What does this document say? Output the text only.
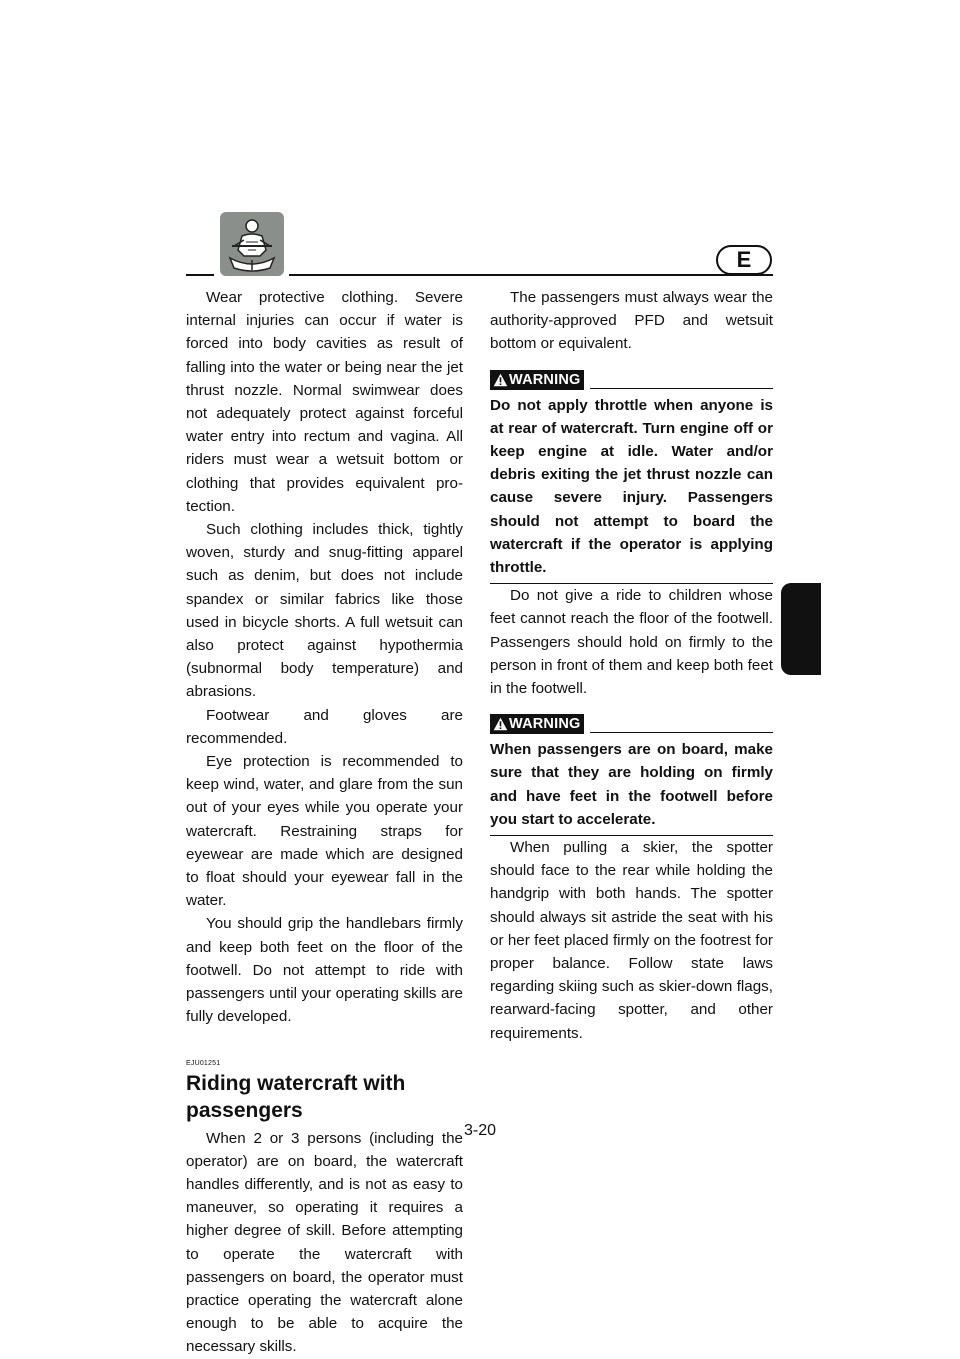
E

Wear protective clothing. Severe internal injuries can occur if water is forced into body cavities as result of falling into the water or being near the jet thrust nozzle. Normal swimwear does not adequately protect against forceful water entry into rectum and vagina. All riders must wear a wetsuit bottom or clothing that provides equivalent protection.

Such clothing includes thick, tightly woven, sturdy and snug-fitting apparel such as denim, but does not include spandex or similar fabrics like those used in bicycle shorts. A full wetsuit can also protect against hypothermia (subnormal body temperature) and abrasions.

Footwear and gloves are recommended.

Eye protection is recommended to keep wind, water, and glare from the sun out of your eyes while you operate your watercraft. Restraining straps for eyewear are made which are designed to float should your eyewear fall in the water.

You should grip the handlebars firmly and keep both feet on the floor of the footwell. Do not attempt to ride with passengers until your operating skills are fully developed.

EJU01251
Riding watercraft with passengers

When 2 or 3 persons (including the operator) are on board, the watercraft handles differently, and is not as easy to maneuver, so operating it requires a higher degree of skill. Before attempting to operate the watercraft with passengers on board, the operator must practice operating the watercraft alone enough to be able to acquire the necessary skills.

The passengers must always wear the authority-approved PFD and wetsuit bottom or equivalent.

WARNING
Do not apply throttle when anyone is at rear of watercraft. Turn engine off or keep engine at idle. Water and/or debris exiting the jet thrust nozzle can cause severe injury. Passengers should not attempt to board the watercraft if the operator is applying throttle.

Do not give a ride to children whose feet cannot reach the floor of the footwell. Passengers should hold on firmly to the person in front of them and keep both feet in the footwell.

WARNING
When passengers are on board, make sure that they are holding on firmly and have feet in the footwell before you start to accelerate.

When pulling a skier, the spotter should face to the rear while holding the handgrip with both hands. The spotter should always sit astride the seat with his or her feet placed firmly on the footrest for proper balance. Follow state laws regarding skiing such as skier-down flags, rearward-facing spotter, and other requirements.

3-20
